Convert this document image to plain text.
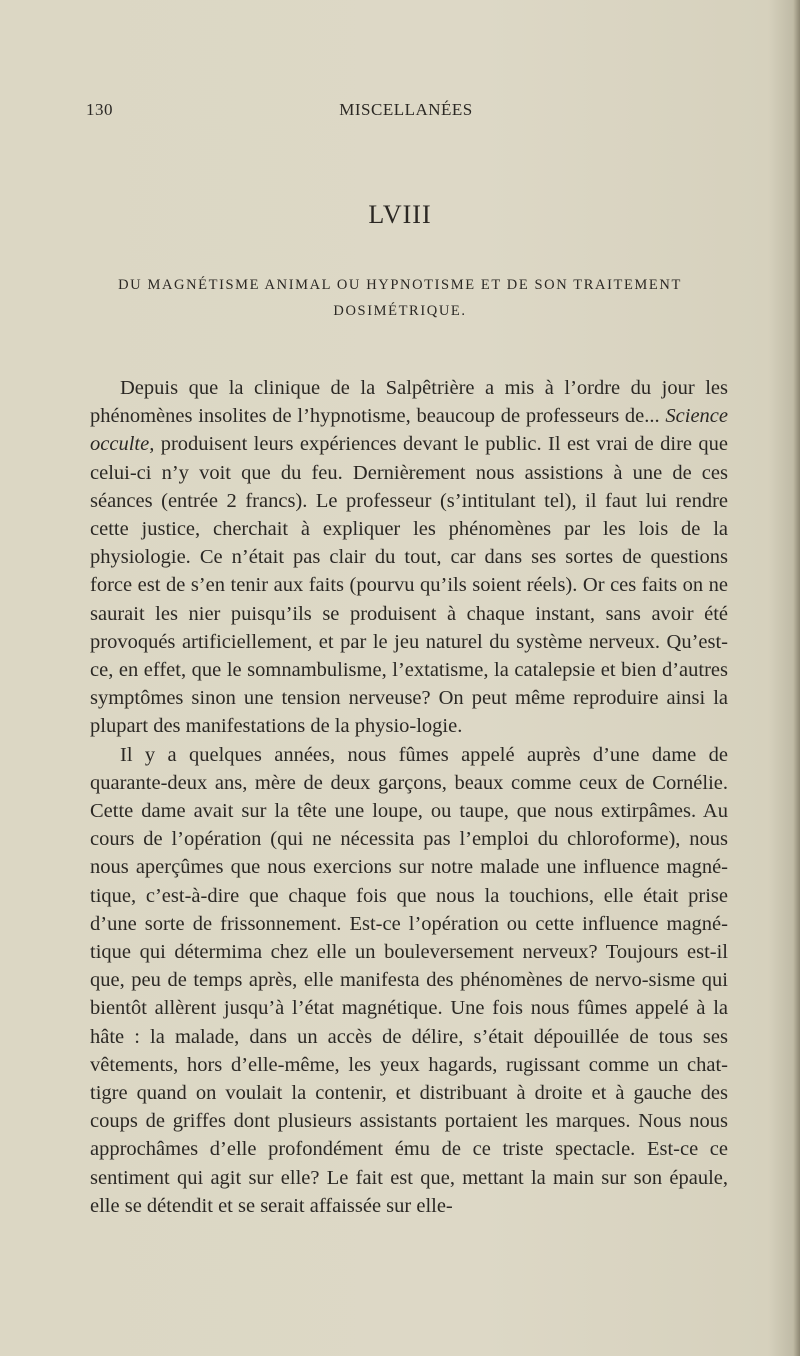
130	MISCELLANÉES
LVIII
DU MAGNÉTISME ANIMAL OU HYPNOTISME ET DE SON TRAITEMENT DOSIMÉTRIQUE.

Depuis que la clinique de la Salpêtrière a mis à l’ordre du jour les phénomènes insolites de l’hypnotisme, beaucoup de professeurs de... Science occulte, produisent leurs expériences devant le public. Il est vrai de dire que celui-ci n’y voit que du feu. Dernièrement nous assistions à une de ces séances (entrée 2 francs). Le professeur (s’intitulant tel), il faut lui rendre cette justice, cherchait à expliquer les phénomènes par les lois de la physiologie. Ce n’était pas clair du tout, car dans ses sortes de questions force est de s’en tenir aux faits (pourvu qu’ils soient réels). Or ces faits on ne saurait les nier puisqu’ils se produisent à chaque instant, sans avoir été provoqués artificiellement, et par le jeu naturel du système nerveux. Qu’est-ce, en effet, que le somnambulisme, l’extatisme, la catalepsie et bien d’autres symptômes sinon une tension nerveuse? On peut même reproduire ainsi la plupart des manifestations de la physio-logie.

Il y a quelques années, nous fûmes appelé auprès d’une dame de quarante-deux ans, mère de deux garçons, beaux comme ceux de Cornélie. Cette dame avait sur la tête une loupe, ou taupe, que nous extirpâmes. Au cours de l’opération (qui ne nécessita pas l’emploi du chloroforme), nous nous aperçûmes que nous exercions sur notre malade une influence magné-tique, c’est-à-dire que chaque fois que nous la touchions, elle était prise d’une sorte de frissonnement. Est-ce l’opération ou cette influence magné-tique qui détermima chez elle un bouleversement nerveux? Toujours est-il que, peu de temps après, elle manifesta des phénomènes de nervo-sisme qui bientôt allèrent jusqu’à l’état magnétique. Une fois nous fûmes appelé à la hâte : la malade, dans un accès de délire, s’était dépouillée de tous ses vêtements, hors d’elle-même, les yeux hagards, rugissant comme un chat-tigre quand on voulait la contenir, et distribuant à droite et à gauche des coups de griffes dont plusieurs assistants portaient les marques. Nous nous approchâmes d’elle profondément ému de ce triste spectacle. Est-ce ce sentiment qui agit sur elle? Le fait est que, mettant la main sur son épaule, elle se détendit et se serait affaissée sur elle-
